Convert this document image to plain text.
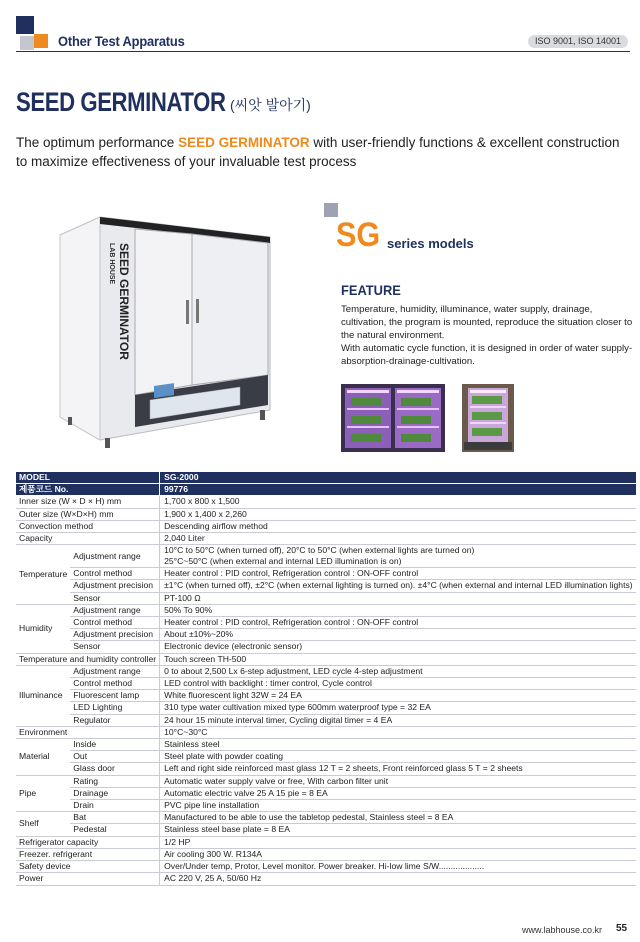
Other Test Apparatus	ISO 9001, ISO 14001
SEED GERMINATOR (씨앗 발아기)
The optimum performance SEED GERMINATOR with user-friendly functions & excellent construction to maximize effectiveness of your invaluable test process
LAB HOUSE SEED GERMINATOR
SG series models
FEATURE
Temperature, humidity, illuminance, water supply, drainage, cultivation, the program is mounted, reproduce the situation closer to the natural environment.
With automatic cycle function, it is designed in order of water supply-absorption-drainage-cultivation.
MODEL		SG-2000
제품코드 No.		99776
Inner size (W × D × H) mm		1,700 x 800 x 1,500
Outer size (W×D×H) mm		1,900 x 1,400 x 2,260
Convection method		Descending airflow method
Capacity		2,040 Liter
Temperature	Adjustment range	10°C to 50°C (when turned off), 20°C to 50°C (when external lights are turned on)
25°C~50°C (when external and internal LED illumination is on)

	Control method	Heater control : PID control, Refrigeration control : ON-OFF control
	Adjustment precision	±1°C (when turned off), ±2°C (when external lighting is turned on). ±4°C (when external and internal LED illumination lights)
	Sensor	PT-100 Ω
Humidity	Adjustment range	50% To 90%
	Control method	Heater control : PID control, Refrigeration control : ON-OFF control
	Adjustment precision	About ±10%~20%
	Sensor	Electronic device (electronic sensor)
Temperature and humidity controller		Touch screen TH-500
Illuminance	Adjustment range	0 to about 2,500 Lx 6-step adjustment, LED cycle 4-step adjustment
	Control method	LED control with backlight : timer control, Cycle control
	Fluorescent lamp	White fluorescent light 32W = 24 EA
	LED Lighting	310 type water cultivation mixed type 600mm waterproof type = 32 EA
	Regulator	24 hour 15 minute interval timer, Cycling digital timer = 4 EA
Environment		10°C~30°C
Material	Inside	Stainless steel
	Out	Steel plate with powder coating
	Glass door	Left and right side reinforced mast glass 12 T = 2 sheets, Front reinforced glass 5 T = 2 sheets
Pipe	Rating	Automatic water supply valve or free, With carbon filter unit
	Drainage	Automatic electric valve 25 A 15 pie = 8 EA
	Drain	PVC pipe line installation
Shelf	Bat	Manufactured to be able to use the tabletop pedestal, Stainless steel = 8 EA
	Pedestal	Stainless steel base plate = 8 EA
Refrigerator capacity		1/2 HP
Freezer. refrigerant		Air cooling 300 W. R134A
Safety device		Over/Under temp, Protor, Level monitor. Power breaker. Hi-low lime S/W...................
Power		AC 220 V, 25 A, 50/60 Hz
www.labhouse.co.kr 55
